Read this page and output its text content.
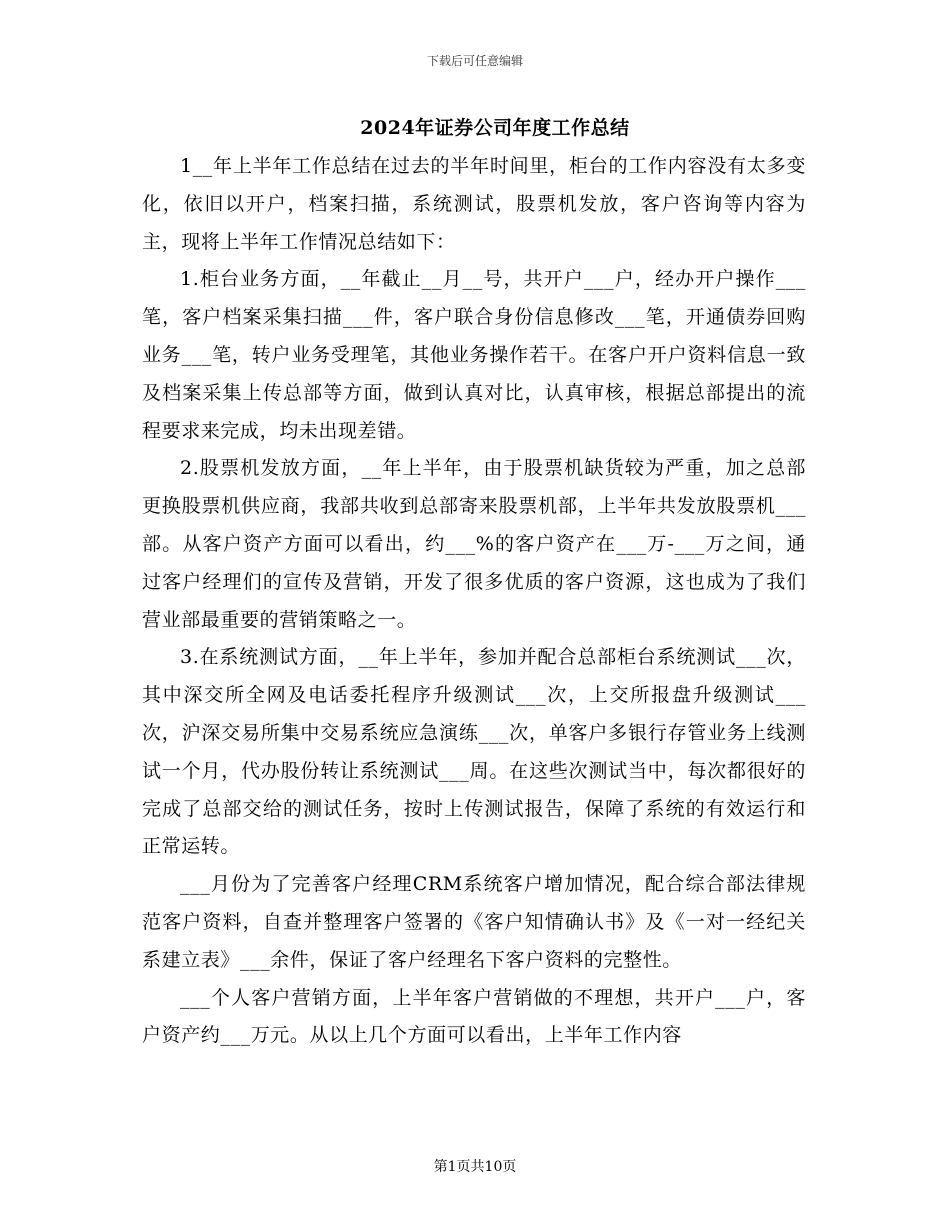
下载后可任意编辑
2024年证券公司年度工作总结

1__年上半年工作总结在过去的半年时间里，柜台的工作内容没有太多变化，依旧以开户，档案扫描，系统测试，股票机发放，客户咨询等内容为主，现将上半年工作情况总结如下：

1.柜台业务方面，__年截止__月__号，共开户___户，经办开户操作___笔，客户档案采集扫描___件，客户联合身份信息修改___笔，开通债券回购业务___笔，转户业务受理笔，其他业务操作若干。在客户开户资料信息一致及档案采集上传总部等方面，做到认真对比，认真审核，根据总部提出的流程要求来完成，均未出现差错。

2.股票机发放方面，__年上半年，由于股票机缺货较为严重，加之总部更换股票机供应商，我部共收到总部寄来股票机部，上半年共发放股票机___部。从客户资产方面可以看出，约___%的客户资产在___万-___万之间，通过客户经理们的宣传及营销，开发了很多优质的客户资源，这也成为了我们营业部最重要的营销策略之一。

3.在系统测试方面，__年上半年，参加并配合总部柜台系统测试___次，其中深交所全网及电话委托程序升级测试___次，上交所报盘升级测试___次，沪深交易所集中交易系统应急演练___次，单客户多银行存管业务上线测试一个月，代办股份转让系统测试___周。在这些次测试当中，每次都很好的完成了总部交给的测试任务，按时上传测试报告，保障了系统的有效运行和正常运转。

___月份为了完善客户经理CRM系统客户增加情况，配合综合部法律规范客户资料，自查并整理客户签署的《客户知情确认书》及《一对一经纪关系建立表》___余件，保证了客户经理名下客户资料的完整性。

___个人客户营销方面，上半年客户营销做的不理想，共开户___户，客户资产约___万元。从以上几个方面可以看出，上半年工作内容

第1页共10页
